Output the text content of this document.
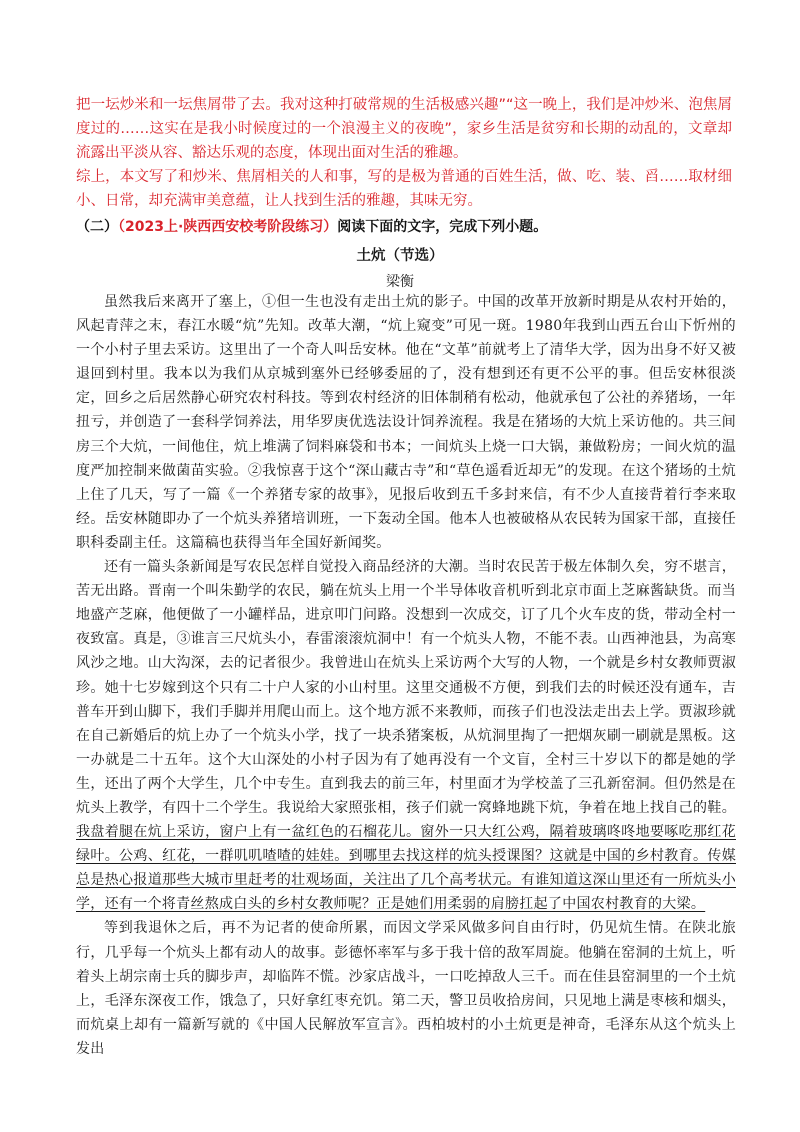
把一坛炒米和一坛焦屑带了去。我对这种打破常规的生活极感兴趣”“这一晚上，我们是冲炒米、泡焦屑度过的……这实在是我小时候度过的一个浪漫主义的夜晚”，家乡生活是贫穷和长期的动乱的，文章却流露出平淡从容、豁达乐观的态度，体现出面对生活的雅趣。

综上，本文写了和炒米、焦屑相关的人和事，写的是极为普通的百姓生活，做、吃、装、舀……取材细小、日常，却充满审美意蕴，让人找到生活的雅趣，其味无穷。

（二）（2023上·陕西西安校考阶段练习）阅读下面的文字，完成下列小题。
土炕（节选）
梁衡

虽然我后来离开了塞上，①但一生也没有走出土炕的影子。中国的改革开放新时期是从农村开始的，风起青萍之末，春江水暖“炕”先知。改革大潮，“炕上窥变”可见一斑。1980年我到山西五台山下忻州的一个小村子里去采访。这里出了一个奇人叫岳安林。他在“文革”前就考上了清华大学，因为出身不好又被退回到村里。我本以为我们从京城到塞外已经够委屈的了，没有想到还有更不公平的事。但岳安林很淡定，回乡之后居然静心研究农村科技。等到农村经济的旧体制稍有松动，他就承包了公社的养猪场，一年扭亏，并创造了一套科学饲养法，用华罗庚优选法设计饲养流程。我是在猪场的大炕上采访他的。共三间房三个大炕，一间他住，炕上堆满了饲料麻袋和书本；一间炕头上烧一口大锅，兼做粉房；一间火炕的温度严加控制来做菌苗实验。②我惊喜于这个“深山藏古寺”和“草色遥看近却无”的发现。在这个猪场的土炕上住了几天，写了一篇《一个养猪专家的故事》，见报后收到五千多封来信，有不少人直接背着行李来取经。岳安林随即办了一个炕头养猪培训班，一下轰动全国。他本人也被破格从农民转为国家干部，直接任职科委副主任。这篇稿也获得当年全国好新闻奖。

还有一篇头条新闻是写农民怎样自觉投入商品经济的大潮。当时农民苦于极左体制久矣，穷不堪言，苦无出路。晋南一个叫朱勤学的农民，躺在炕头上用一个半导体收音机听到北京市面上芝麻酱缺货。而当地盛产芝麻，他便做了一小罐样品，进京叩门问路。没想到一次成交，订了几个火车皮的货，带动全村一夜致富。真是，③谁言三尺炕头小，春雷滚滚炕洞中！有一个炕头人物，不能不表。山西神池县，为高寒风沙之地。山大沟深，去的记者很少。我曾进山在炕头上采访两个大写的人物，一个就是乡村女教师贾淑珍。她十七岁嫁到这个只有二十户人家的小山村里。这里交通极不方便，到我们去的时候还没有通车，吉普车开到山脚下，我们手脚并用爬山而上。这个地方派不来教师，而孩子们也没法走出去上学。贾淑珍就在自己新婚后的炕上办了一个炕头小学，找了一块杀猪案板，从炕洞里掏了一把烟灰刷一刷就是黑板。这一办就是二十五年。这个大山深处的小村子因为有了她再没有一个文盲，全村三十岁以下的都是她的学生，还出了两个大学生，几个中专生。直到我去的前三年，村里面才为学校盖了三孔新窑洞。但仍然是在炕头上教学，有四十二个学生。我说给大家照张相，孩子们就一窝蜂地跳下炕，争着在地上找自己的鞋。我盘着腿在炕上采访，窗户上有一盆红色的石榴花儿。窗外一只大红公鸡，隔着玻璃咚咚地要啄吃那红花绿叶。公鸡、红花，一群叽叽喳喳的娃娃。到哪里去找这样的炕头授课图？这就是中国的乡村教育。传媒总是热心报道那些大城市里赶考的壮观场面，关注出了几个高考状元。有谁知道这深山里还有一所炕头小学，还有一个将青丝熬成白头的乡村女教师呢？正是她们用柔弱的肩膀扛起了中国农村教育的大梁。

等到我退休之后，再不为记者的使命所累，而因文学采风做多问自由行时，仍见炕生情。在陕北旅行，几乎每一个炕头上都有动人的故事。彭德怀率军与多于我十倍的敌军周旋。他躺在窑洞的土炕上，听着头上胡宗南士兵的脚步声，却临阵不慌。沙家店战斗，一口吃掉敌人三千。而在佳县窑洞里的一个土炕上，毛泽东深夜工作，饿急了，只好拿红枣充饥。第二天，警卫员收拾房间，只见地上满是枣核和烟头，而炕桌上却有一篇新写就的《中国人民解放军宣言》。西柏坡村的小土炕更是神奇，毛泽东从这个炕头上发出
